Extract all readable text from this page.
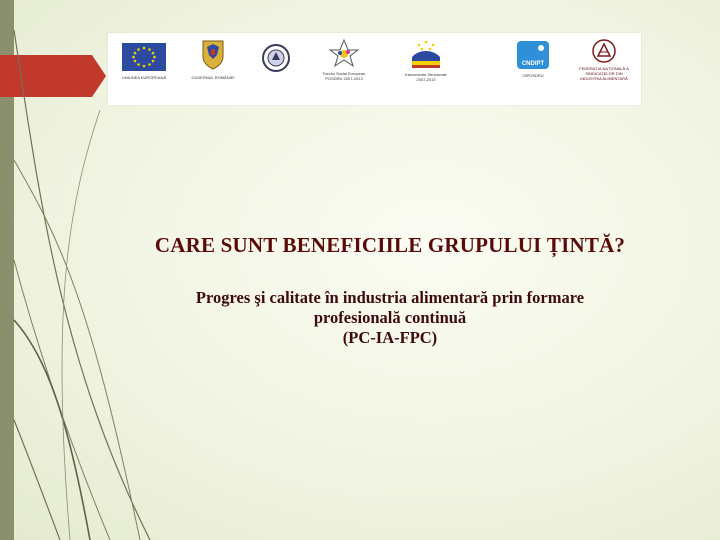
UNIUNEA EUROPEANĂ	GUVERNUL ROMÂNIEI
Fondul Social European
POSDRU 2007-2013
Instrumente Structurale
2007-2013
CNDIPT
OIPOSDRU
FEDERAȚIA NAȚIONALĂ A
SINDICATELOR DIN
INDUSTRIA ALIMENTARĂ
CARE SUNT BENEFICIILE GRUPULUI ȚINTĂ?
Progres şi calitate în industria alimentară prin formare
profesională continuă
(PC-IA-FPC)
